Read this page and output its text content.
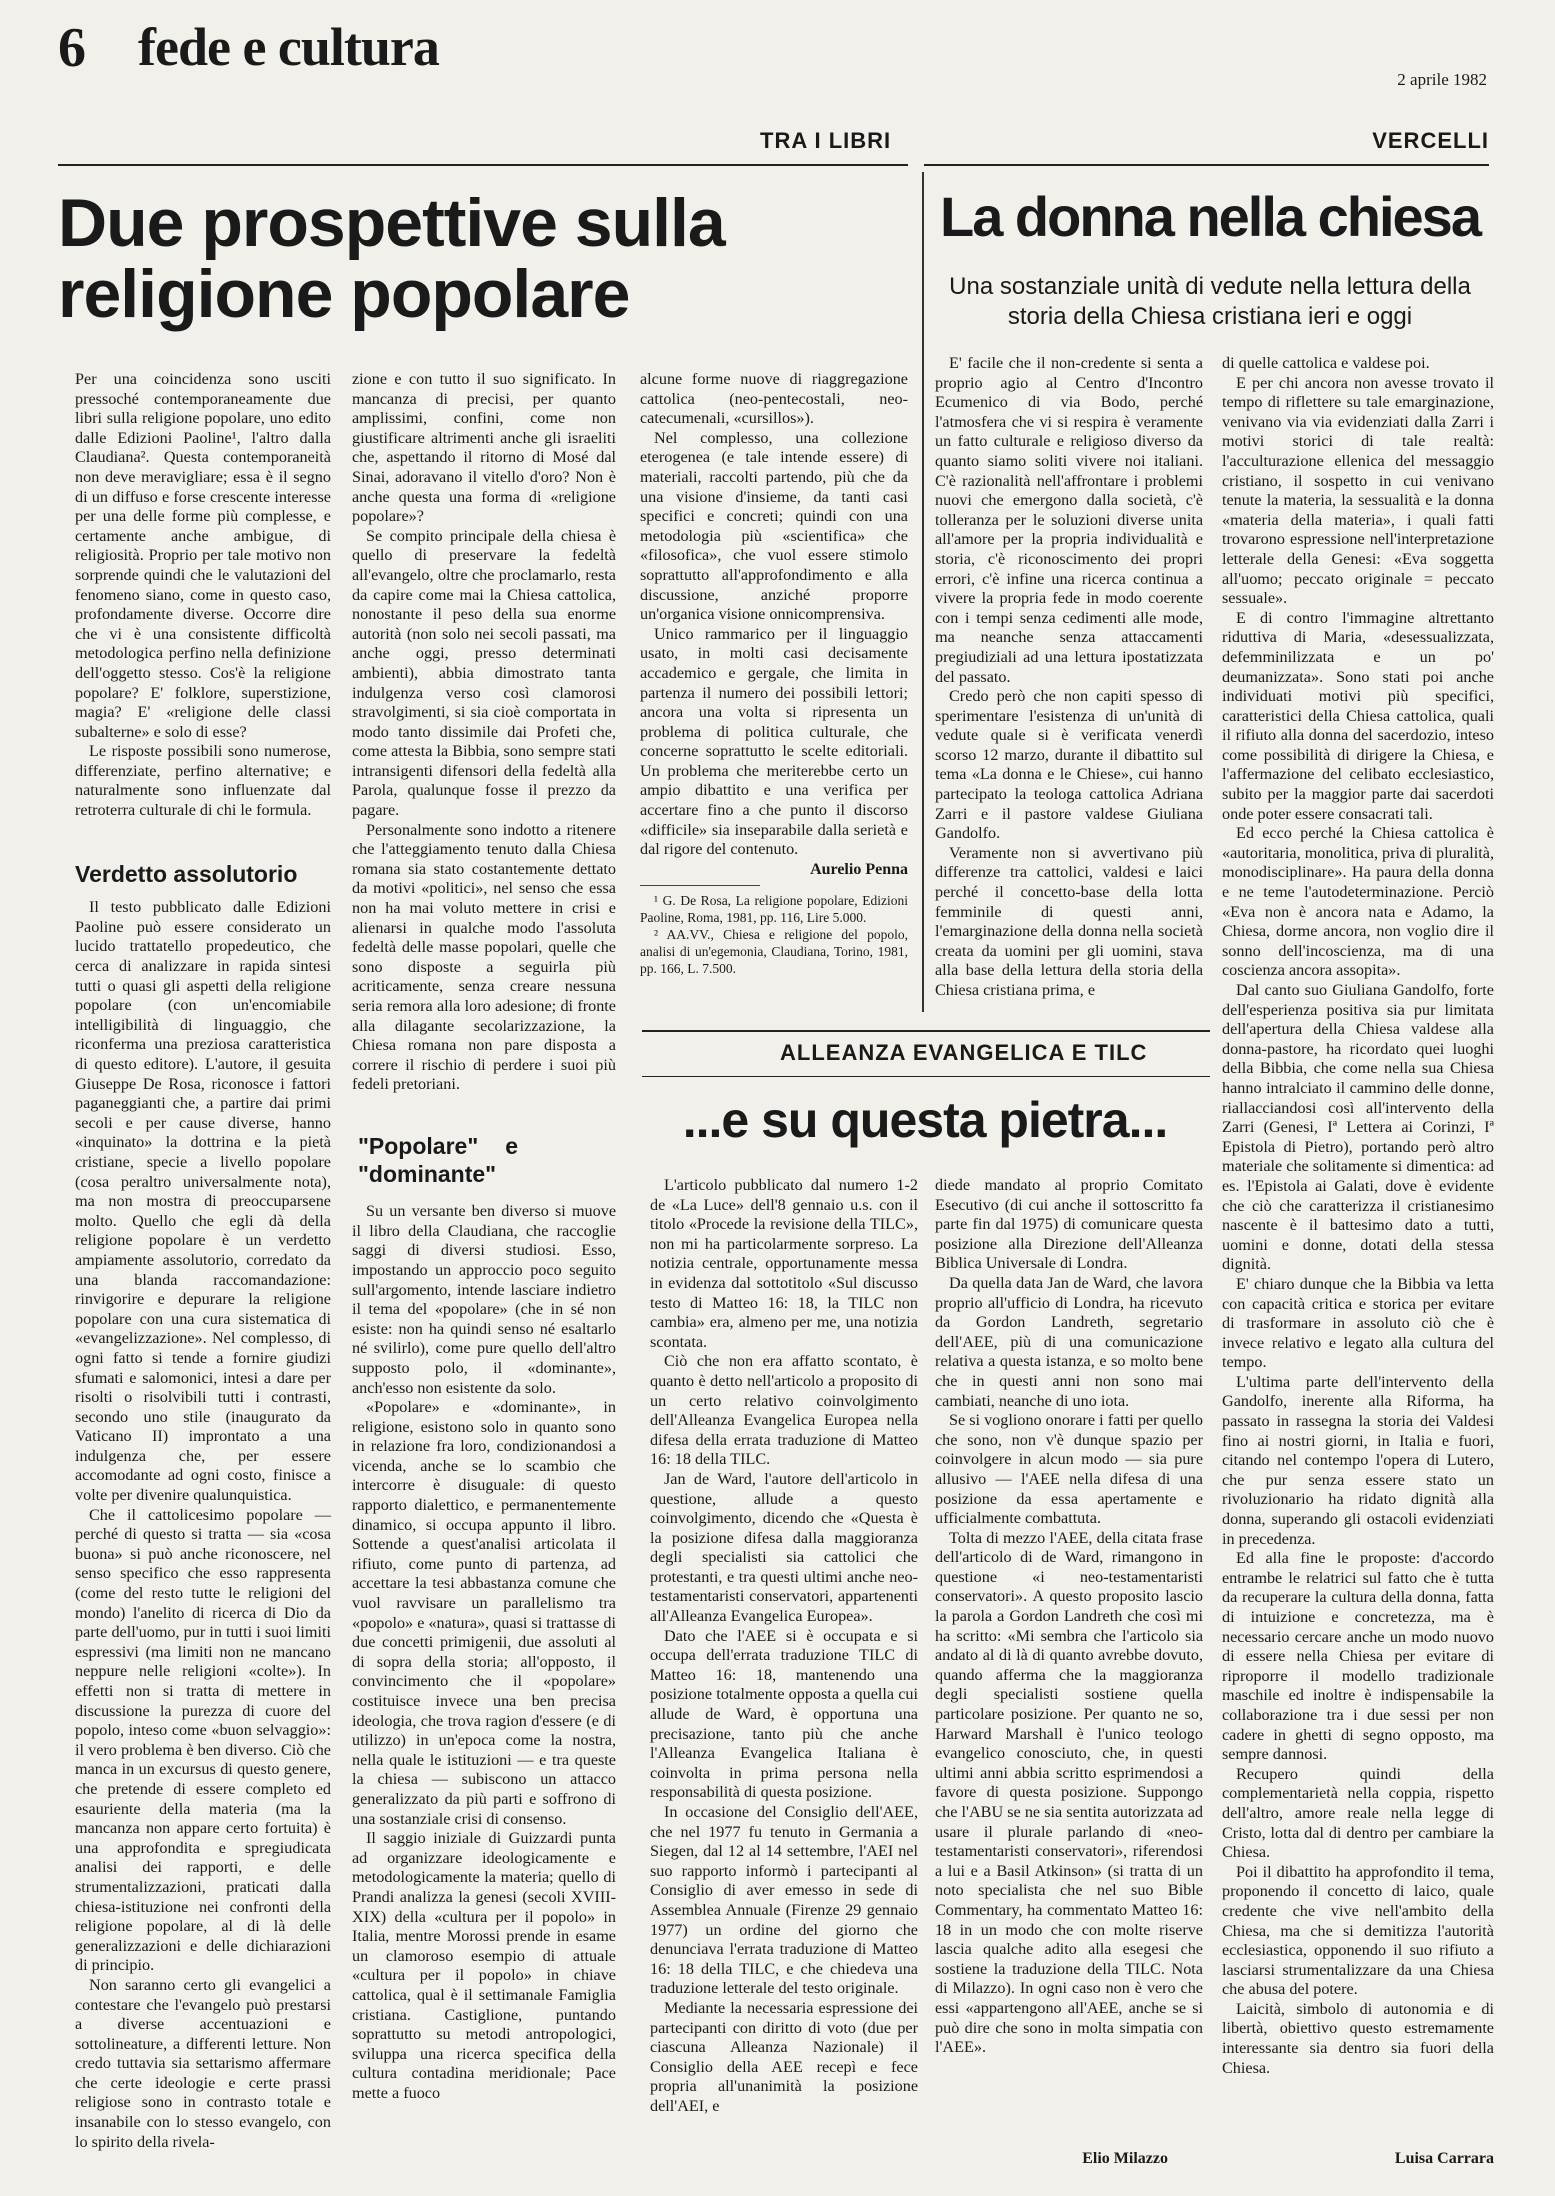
6 fede e cultura
2 aprile 1982
TRA I LIBRI	VERCELLI
Due prospettive sulla religione popolare

Per una coincidenza sono usciti pressoché contemporaneamente due libri sulla religione popolare, uno edito dalle Edizioni Paoline¹, l'altro dalla Claudiana². Questa contemporaneità non deve meravigliare; essa è il segno di un diffuso e forse crescente interesse per una delle forme più complesse, e certamente anche ambigue, di religiosità. Proprio per tale motivo non sorprende quindi che le valutazioni del fenomeno siano, come in questo caso, profondamente diverse. Occorre dire che vi è una consistente difficoltà metodologica perfino nella definizione dell'oggetto stesso. Cos'è la religione popolare? E' folklore, superstizione, magia? E' «religione delle classi subalterne» e solo di esse?

Le risposte possibili sono numerose, differenziate, perfino alternative; e naturalmente sono influenzate dal retroterra culturale di chi le formula.

Verdetto assolutorio

Il testo pubblicato dalle Edizioni Paoline può essere considerato un lucido trattatello propedeutico, che cerca di analizzare in rapida sintesi tutti o quasi gli aspetti della religione popolare (con un'encomiabile intelligibilità di linguaggio, che riconferma una preziosa caratteristica di questo editore). L'autore, il gesuita Giuseppe De Rosa, riconosce i fattori paganeggianti che, a partire dai primi secoli e per cause diverse, hanno «inquinato» la dottrina e la pietà cristiane, specie a livello popolare (cosa peraltro universalmente nota), ma non mostra di preoccuparsene molto. Quello che egli dà della religione popolare è un verdetto ampiamente assolutorio, corredato da una blanda raccomandazione: rinvigorire e depurare la religione popolare con una cura sistematica di «evangelizzazione». Nel complesso, di ogni fatto si tende a fornire giudizi sfumati e salomonici, intesi a dare per risolti o risolvibili tutti i contrasti, secondo uno stile (inaugurato da Vaticano II) improntato a una indulgenza che, per essere accomodante ad ogni costo, finisce a volte per divenire qualunquistica.

Che il cattolicesimo popolare — perché di questo si tratta — sia «cosa buona» si può anche riconoscere, nel senso specifico che esso rappresenta (come del resto tutte le religioni del mondo) l'anelito di ricerca di Dio da parte dell'uomo, pur in tutti i suoi limiti espressivi (ma limiti non ne mancano neppure nelle religioni «colte»). In effetti non si tratta di mettere in discussione la purezza di cuore del popolo, inteso come «buon selvaggio»: il vero problema è ben diverso. Ciò che manca in un excursus di questo genere, che pretende di essere completo ed esauriente della materia (ma la mancanza non appare certo fortuita) è una approfondita e spregiudicata analisi dei rapporti, e delle strumentalizzazioni, praticati dalla chiesa-istituzione nei confronti della religione popolare, al di là delle generalizzazioni e delle dichiarazioni di principio.

Non saranno certo gli evangelici a contestare che l'evangelo può prestarsi a diverse accentuazioni e sottolineature, a differenti letture. Non credo tuttavia sia settarismo affermare che certe ideologie e certe prassi religiose sono in contrasto totale e insanabile con lo stesso evangelo, con lo spirito della rivela-

zione e con tutto il suo significato. In mancanza di precisi, per quanto amplissimi, confini, come non giustificare altrimenti anche gli israeliti che, aspettando il ritorno di Mosé dal Sinai, adoravano il vitello d'oro? Non è anche questa una forma di «religione popolare»?

Se compito principale della chiesa è quello di preservare la fedeltà all'evangelo, oltre che proclamarlo, resta da capire come mai la Chiesa cattolica, nonostante il peso della sua enorme autorità (non solo nei secoli passati, ma anche oggi, presso determinati ambienti), abbia dimostrato tanta indulgenza verso così clamorosi stravolgimenti, si sia cioè comportata in modo tanto dissimile dai Profeti che, come attesta la Bibbia, sono sempre stati intransigenti difensori della fedeltà alla Parola, qualunque fosse il prezzo da pagare.

Personalmente sono indotto a ritenere che l'atteggiamento tenuto dalla Chiesa romana sia stato costantemente dettato da motivi «politici», nel senso che essa non ha mai voluto mettere in crisi e alienarsi in qualche modo l'assoluta fedeltà delle masse popolari, quelle che sono disposte a seguirla più acriticamente, senza creare nessuna seria remora alla loro adesione; di fronte alla dilagante secolarizzazione, la Chiesa romana non pare disposta a correre il rischio di perdere i suoi più fedeli pretoriani.

"Popolare" e "dominante"

Su un versante ben diverso si muove il libro della Claudiana, che raccoglie saggi di diversi studiosi. Esso, impostando un approccio poco seguito sull'argomento, intende lasciare indietro il tema del «popolare» (che in sé non esiste: non ha quindi senso né esaltarlo né svilirlo), come pure quello dell'altro supposto polo, il «dominante», anch'esso non esistente da solo.

«Popolare» e «dominante», in religione, esistono solo in quanto sono in relazione fra loro, condizionandosi a vicenda, anche se lo scambio che intercorre è disuguale: di questo rapporto dialettico, e permanentemente dinamico, si occupa appunto il libro. Sottende a quest'analisi articolata il rifiuto, come punto di partenza, ad accettare la tesi abbastanza comune che vuol ravvisare un parallelismo tra «popolo» e «natura», quasi si trattasse di due concetti primigenii, due assoluti al di sopra della storia; all'opposto, il convincimento che il «popolare» costituisce invece una ben precisa ideologia, che trova ragion d'essere (e di utilizzo) in un'epoca come la nostra, nella quale le istituzioni — e tra queste la chiesa — subiscono un attacco generalizzato da più parti e soffrono di una sostanziale crisi di consenso.

Il saggio iniziale di Guizzardi punta ad organizzare ideologicamente e metodologicamente la materia; quello di Prandi analizza la genesi (secoli XVIII-XIX) della «cultura per il popolo» in Italia, mentre Morossi prende in esame un clamoroso esempio di attuale «cultura per il popolo» in chiave cattolica, qual è il settimanale Famiglia cristiana. Castiglione, puntando soprattutto su metodi antropologici, sviluppa una ricerca specifica della cultura contadina meridionale; Pace mette a fuoco

alcune forme nuove di riaggregazione cattolica (neo-pentecostali, neo-catecumenali, «cursillos»).

Nel complesso, una collezione eterogenea (e tale intende essere) di materiali, raccolti partendo, più che da una visione d'insieme, da tanti casi specifici e concreti; quindi con una metodologia più «scientifica» che «filosofica», che vuol essere stimolo soprattutto all'approfondimento e alla discussione, anziché proporre un'organica visione onnicomprensiva.

Unico rammarico per il linguaggio usato, in molti casi decisamente accademico e gergale, che limita in partenza il numero dei possibili lettori; ancora una volta si ripresenta un problema di politica culturale, che concerne soprattutto le scelte editoriali. Un problema che meriterebbe certo un ampio dibattito e una verifica per accertare fino a che punto il discorso «difficile» sia inseparabile dalla serietà e dal rigore del contenuto.

Aurelio Penna

¹ G. De Rosa, La religione popolare, Edizioni Paoline, Roma, 1981, pp. 116, Lire 5.000.

² AA.VV., Chiesa e religione del popolo, analisi di un'egemonia, Claudiana, Torino, 1981, pp. 166, L. 7.500.

La donna nella chiesa
Una sostanziale unità di vedute nella lettura della storia della Chiesa cristiana ieri e oggi

E' facile che il non-credente si senta a proprio agio al Centro d'Incontro Ecumenico di via Bodo, perché l'atmosfera che vi si respira è veramente un fatto culturale e religioso diverso da quanto siamo soliti vivere noi italiani. C'è razionalità nell'affrontare i problemi nuovi che emergono dalla società, c'è tolleranza per le soluzioni diverse unita all'amore per la propria individualità e storia, c'è riconoscimento dei propri errori, c'è infine una ricerca continua a vivere la propria fede in modo coerente con i tempi senza cedimenti alle mode, ma neanche senza attaccamenti pregiudiziali ad una lettura ipostatizzata del passato.

Credo però che non capiti spesso di sperimentare l'esistenza di un'unità di vedute quale si è verificata venerdì scorso 12 marzo, durante il dibattito sul tema «La donna e le Chiese», cui hanno partecipato la teologa cattolica Adriana Zarri e il pastore valdese Giuliana Gandolfo.

Veramente non si avvertivano più differenze tra cattolici, valdesi e laici perché il concetto-base della lotta femminile di questi anni, l'emarginazione della donna nella società creata da uomini per gli uomini, stava alla base della lettura della storia della Chiesa cristiana prima, e

di quelle cattolica e valdese poi.

E per chi ancora non avesse trovato il tempo di riflettere su tale emarginazione, venivano via via evidenziati dalla Zarri i motivi storici di tale realtà: l'acculturazione ellenica del messaggio cristiano, il sospetto in cui venivano tenute la materia, la sessualità e la donna «materia della materia», i quali fatti trovarono espressione nell'interpretazione letterale della Genesi: «Eva soggetta all'uomo; peccato originale = peccato sessuale».

E di contro l'immagine altrettanto riduttiva di Maria, «desessualizzata, defemminilizzata e un po' deumanizzata». Sono stati poi anche individuati motivi più specifici, caratteristici della Chiesa cattolica, quali il rifiuto alla donna del sacerdozio, inteso come possibilità di dirigere la Chiesa, e l'affermazione del celibato ecclesiastico, subito per la maggior parte dai sacerdoti onde poter essere consacrati tali.

Ed ecco perché la Chiesa cattolica è «autoritaria, monolitica, priva di pluralità, monodisciplinare». Ha paura della donna e ne teme l'autodeterminazione. Perciò «Eva non è ancora nata e Adamo, la Chiesa, dorme ancora, non voglio dire il sonno dell'incoscienza, ma di una coscienza ancora assopita».

Dal canto suo Giuliana Gandolfo, forte dell'esperienza positiva sia pur limitata dell'apertura della Chiesa valdese alla donna-pastore, ha ricordato quei luoghi della Bibbia, che come nella sua Chiesa hanno intralciato il cammino delle donne, riallacciandosi così all'intervento della Zarri (Genesi, Iª Lettera ai Corinzi, Iª Epistola di Pietro), portando però altro materiale che solitamente si dimentica: ad es. l'Epistola ai Galati, dove è evidente che ciò che caratterizza il cristianesimo nascente è il battesimo dato a tutti, uomini e donne, dotati della stessa dignità.

E' chiaro dunque che la Bibbia va letta con capacità critica e storica per evitare di trasformare in assoluto ciò che è invece relativo e legato alla cultura del tempo.

L'ultima parte dell'intervento della Gandolfo, inerente alla Riforma, ha passato in rassegna la storia dei Valdesi fino ai nostri giorni, in Italia e fuori, citando nel contempo l'opera di Lutero, che pur senza essere stato un rivoluzionario ha ridato dignità alla donna, superando gli ostacoli evidenziati in precedenza.

Ed alla fine le proposte: d'accordo entrambe le relatrici sul fatto che è tutta da recuperare la cultura della donna, fatta di intuizione e concretezza, ma è necessario cercare anche un modo nuovo di essere nella Chiesa per evitare di riproporre il modello tradizionale maschile ed inoltre è indispensabile la collaborazione tra i due sessi per non cadere in ghetti di segno opposto, ma sempre dannosi.

Recupero quindi della complementarietà nella coppia, rispetto dell'altro, amore reale nella legge di Cristo, lotta dal di dentro per cambiare la Chiesa.

Poi il dibattito ha approfondito il tema, proponendo il concetto di laico, quale credente che vive nell'ambito della Chiesa, ma che si demitizza l'autorità ecclesiastica, opponendo il suo rifiuto a lasciarsi strumentalizzare da una Chiesa che abusa del potere.

Laicità, simbolo di autonomia e di libertà, obiettivo questo estremamente interessante sia dentro sia fuori della Chiesa.

Luisa Carrara
ALLEANZA EVANGELICA E TILC
...e su questa pietra...

L'articolo pubblicato dal numero 1-2 de «La Luce» dell'8 gennaio u.s. con il titolo «Procede la revisione della TILC», non mi ha particolarmente sorpreso. La notizia centrale, opportunamente messa in evidenza dal sottotitolo «Sul discusso testo di Matteo 16: 18, la TILC non cambia» era, almeno per me, una notizia scontata.

Ciò che non era affatto scontato, è quanto è detto nell'articolo a proposito di un certo relativo coinvolgimento dell'Alleanza Evangelica Europea nella difesa della errata traduzione di Matteo 16: 18 della TILC.

Jan de Ward, l'autore dell'articolo in questione, allude a questo coinvolgimento, dicendo che «Questa è la posizione difesa dalla maggioranza degli specialisti sia cattolici che protestanti, e tra questi ultimi anche neo-testamentaristi conservatori, appartenenti all'Alleanza Evangelica Europea».

Dato che l'AEE si è occupata e si occupa dell'errata traduzione TILC di Matteo 16: 18, mantenendo una posizione totalmente opposta a quella cui allude de Ward, è opportuna una precisazione, tanto più che anche l'Alleanza Evangelica Italiana è coinvolta in prima persona nella responsabilità di questa posizione.

In occasione del Consiglio dell'AEE, che nel 1977 fu tenuto in Germania a Siegen, dal 12 al 14 settembre, l'AEI nel suo rapporto informò i partecipanti al Consiglio di aver emesso in sede di Assemblea Annuale (Firenze 29 gennaio 1977) un ordine del giorno che denunciava l'errata traduzione di Matteo 16: 18 della TILC, e che chiedeva una traduzione letterale del testo originale.

Mediante la necessaria espressione dei partecipanti con diritto di voto (due per ciascuna Alleanza Nazionale) il Consiglio della AEE recepì e fece propria all'unanimità la posizione dell'AEI, e

diede mandato al proprio Comitato Esecutivo (di cui anche il sottoscritto fa parte fin dal 1975) di comunicare questa posizione alla Direzione dell'Alleanza Biblica Universale di Londra.

Da quella data Jan de Ward, che lavora proprio all'ufficio di Londra, ha ricevuto da Gordon Landreth, segretario dell'AEE, più di una comunicazione relativa a questa istanza, e so molto bene che in questi anni non sono mai cambiati, neanche di uno iota.

Se si vogliono onorare i fatti per quello che sono, non v'è dunque spazio per coinvolgere in alcun modo — sia pure allusivo — l'AEE nella difesa di una posizione da essa apertamente e ufficialmente combattuta.

Tolta di mezzo l'AEE, della citata frase dell'articolo di de Ward, rimangono in questione «i neo-testamentaristi conservatori». A questo proposito lascio la parola a Gordon Landreth che così mi ha scritto: «Mi sembra che l'articolo sia andato al di là di quanto avrebbe dovuto, quando afferma che la maggioranza degli specialisti sostiene quella particolare posizione. Per quanto ne so, Harward Marshall è l'unico teologo evangelico conosciuto, che, in questi ultimi anni abbia scritto esprimendosi a favore di questa posizione. Suppongo che l'ABU se ne sia sentita autorizzata ad usare il plurale parlando di «neo-testamentaristi conservatori», riferendosi a lui e a Basil Atkinson» (si tratta di un noto specialista che nel suo Bible Commentary, ha commentato Matteo 16: 18 in un modo che con molte riserve lascia qualche adito alla esegesi che sostiene la traduzione della TILC. Nota di Milazzo). In ogni caso non è vero che essi «appartengono all'AEE, anche se si può dire che sono in molta simpatia con l'AEE».

Elio Milazzo
